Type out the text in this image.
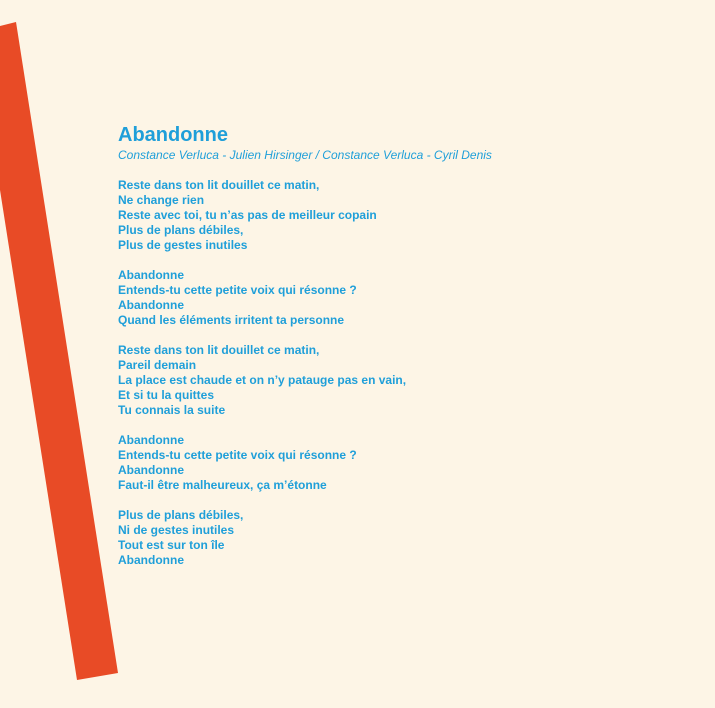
Abandonne

Constance Verluca - Julien Hirsinger / Constance Verluca - Cyril Denis

Reste dans ton lit douillet ce matin,
Ne change rien
Reste avec toi, tu n’as pas de meilleur copain
Plus de plans débiles,
Plus de gestes inutiles
Abandonne
Entends-tu cette petite voix qui résonne ?
Abandonne
Quand les éléments irritent ta personne
Reste dans ton lit douillet ce matin,
Pareil demain
La place est chaude et on n’y patauge pas en vain,
Et si tu la quittes
Tu connais la suite
Abandonne
Entends-tu cette petite voix qui résonne ?
Abandonne
Faut-il être malheureux, ça m’étonne
Plus de plans débiles,
Ni de gestes inutiles
Tout est sur ton île
Abandonne
